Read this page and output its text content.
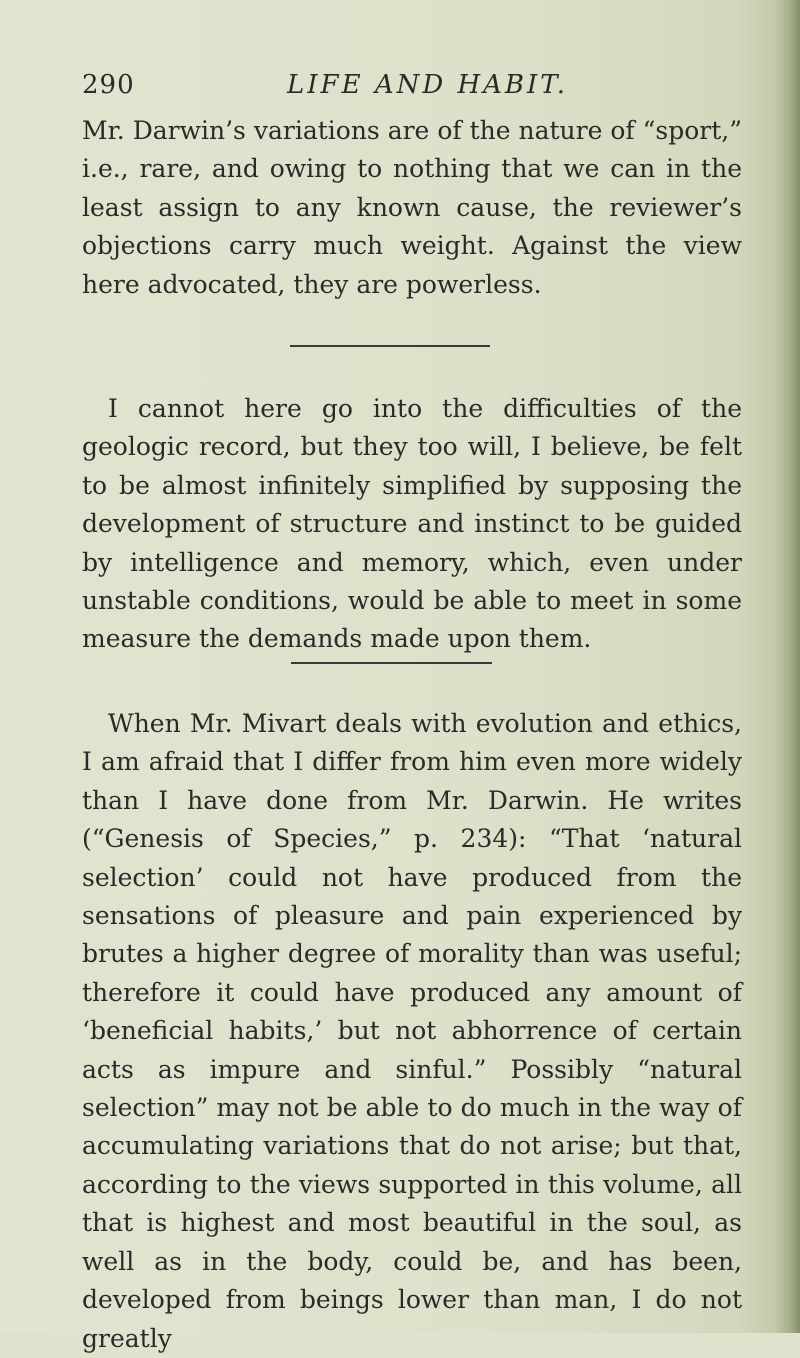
290	LIFE AND HABIT.
Mr. Darwin’s variations are of the nature of “sport,” i.e., rare, and owing to nothing that we can in the least assign to any known cause, the reviewer’s objections carry much weight. Against the view here advocated, they are powerless.
I cannot here go into the difficulties of the geologic record, but they too will, I believe, be felt to be almost infinitely simplified by supposing the development of structure and instinct to be guided by intelligence and memory, which, even under unstable conditions, would be able to meet in some measure the demands made upon them.
When Mr. Mivart deals with evolution and ethics, I am afraid that I differ from him even more widely than I have done from Mr. Darwin. He writes (“Genesis of Species,” p. 234): “That ‘natural selection’ could not have produced from the sensations of pleasure and pain experienced by brutes a higher degree of morality than was useful; therefore it could have produced any amount of ‘beneficial habits,’ but not abhorrence of certain acts as impure and sinful.” Possibly “natural selection” may not be able to do much in the way of accumulating variations that do not arise; but that, according to the views supported in this volume, all that is highest and most beautiful in the soul, as well as in the body, could be, and has been, developed from beings lower than man, I do not greatly
